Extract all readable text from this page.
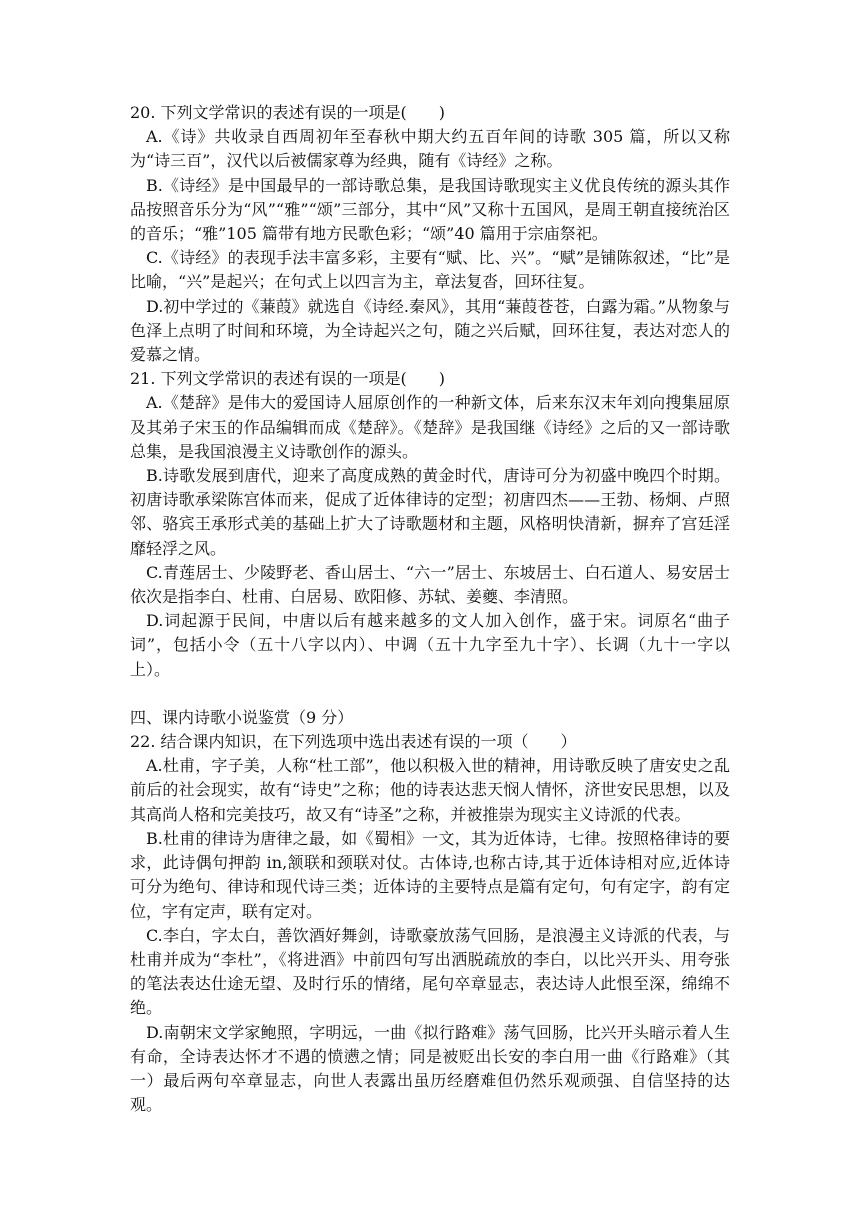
20. 下列文学常识的表述有误的一项是(　　)

A.《诗》共收录自西周初年至春秋中期大约五百年间的诗歌 305 篇，所以又称为“诗三百”，汉代以后被儒家尊为经典，随有《诗经》之称。

B.《诗经》是中国最早的一部诗歌总集，是我国诗歌现实主义优良传统的源头其作品按照音乐分为“风”“雅”“颂”三部分，其中“风”又称十五国风，是周王朝直接统治区的音乐；“雅”105 篇带有地方民歌色彩；“颂”40 篇用于宗庙祭祀。

C.《诗经》的表现手法丰富多彩，主要有“赋、比、兴”。“赋”是铺陈叙述，“比”是比喻，“兴”是起兴；在句式上以四言为主，章法复沓，回环往复。

D.初中学过的《蒹葭》就选自《诗经.秦风》，其用“蒹葭苍苍，白露为霜。”从物象与色泽上点明了时间和环境，为全诗起兴之句，随之兴后赋，回环往复，表达对恋人的爱慕之情。

21. 下列文学常识的表述有误的一项是(　　)

A.《楚辞》是伟大的爱国诗人屈原创作的一种新文体，后来东汉末年刘向搜集屈原及其弟子宋玉的作品编辑而成《楚辞》。《楚辞》是我国继《诗经》之后的又一部诗歌总集，是我国浪漫主义诗歌创作的源头。

B.诗歌发展到唐代，迎来了高度成熟的黄金时代，唐诗可分为初盛中晚四个时期。初唐诗歌承梁陈宫体而来，促成了近体律诗的定型；初唐四杰——王勃、杨炯、卢照邻、骆宾王承形式美的基础上扩大了诗歌题材和主题，风格明快清新，摒弃了宫廷淫靡轻浮之风。

C.青莲居士、少陵野老、香山居士、“六一”居士、东坡居士、白石道人、易安居士依次是指李白、杜甫、白居易、欧阳修、苏轼、姜夔、李清照。

D.词起源于民间，中唐以后有越来越多的文人加入创作，盛于宋。词原名“曲子词”，包括小令（五十八字以内）、中调（五十九字至九十字）、长调（九十一字以上）。

四、课内诗歌小说鉴赏（9 分）

22. 结合课内知识，在下列选项中选出表述有误的一项（　　）

A.杜甫，字子美，人称“杜工部”，他以积极入世的精神，用诗歌反映了唐安史之乱前后的社会现实，故有“诗史”之称；他的诗表达悲天悯人情怀，济世安民思想，以及其高尚人格和完美技巧，故又有“诗圣”之称，并被推崇为现实主义诗派的代表。

B.杜甫的律诗为唐律之最，如《蜀相》一文，其为近体诗，七律。按照格律诗的要求，此诗偶句押韵 in,颔联和颈联对仗。古体诗,也称古诗,其于近体诗相对应,近体诗可分为绝句、律诗和现代诗三类；近体诗的主要特点是篇有定句，句有定字，韵有定位，字有定声，联有定对。

C.李白，字太白，善饮酒好舞剑，诗歌豪放荡气回肠，是浪漫主义诗派的代表，与杜甫并成为“李杜”，《将进酒》中前四句写出洒脱疏放的李白，以比兴开头、用夸张的笔法表达仕途无望、及时行乐的情绪，尾句卒章显志，表达诗人此恨至深，绵绵不绝。

D.南朝宋文学家鲍照，字明远，一曲《拟行路难》荡气回肠，比兴开头暗示着人生有命，全诗表达怀才不遇的愤懑之情；同是被贬出长安的李白用一曲《行路难》（其一）最后两句卒章显志，向世人表露出虽历经磨难但仍然乐观顽强、自信坚持的达观。
